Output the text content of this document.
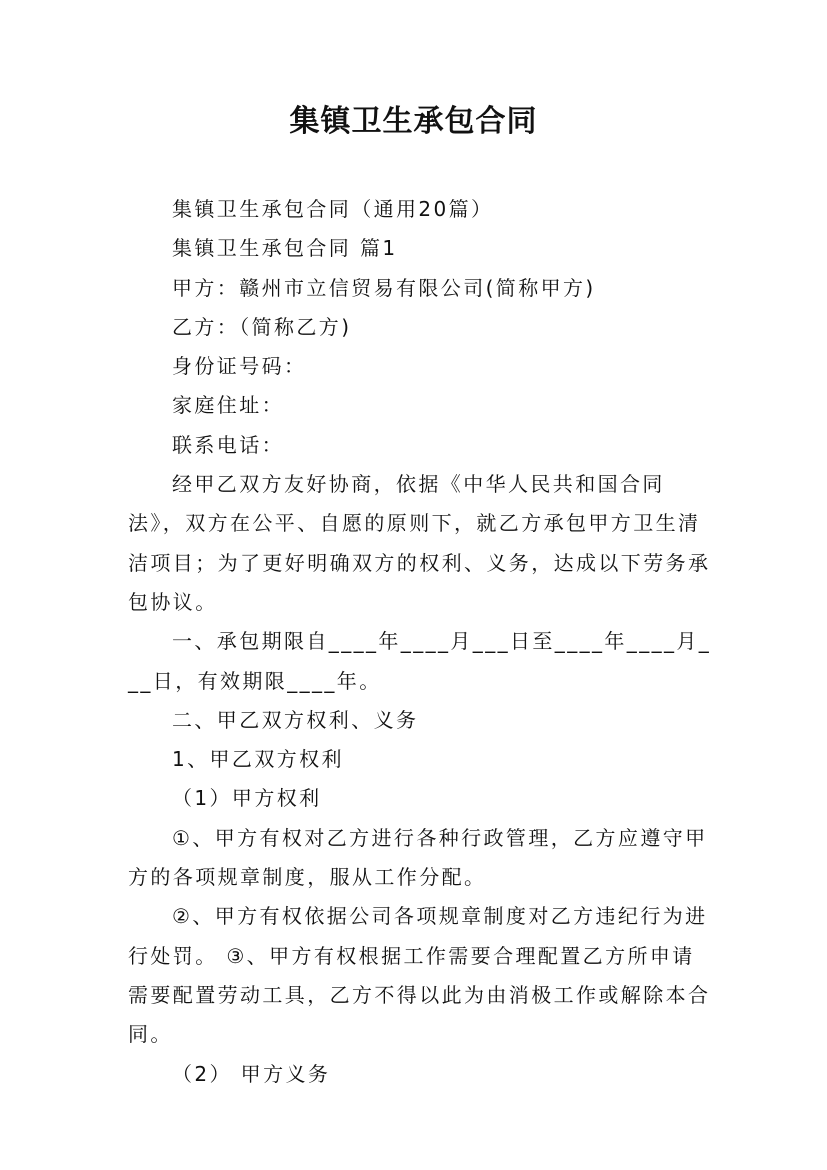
集镇卫生承包合同

集镇卫生承包合同（通用20篇）

集镇卫生承包合同 篇1

甲方：赣州市立信贸易有限公司(简称甲方)

乙方：（简称乙方)

身份证号码：

家庭住址：

联系电话：

经甲乙双方友好协商，依据《中华人民共和国合同法》，双方在公平、自愿的原则下，就乙方承包甲方卫生清洁项目；为了更好明确双方的权利、义务，达成以下劳务承包协议。

一、承包期限自____年____月___日至____年____月___日，有效期限____年。

二、甲乙双方权利、义务

1、甲乙双方权利

（1）甲方权利

①、甲方有权对乙方进行各种行政管理，乙方应遵守甲方的各项规章制度，服从工作分配。

②、甲方有权依据公司各项规章制度对乙方违纪行为进行处罚。 ③、甲方有权根据工作需要合理配置乙方所申请需要配置劳动工具，乙方不得以此为由消极工作或解除本合同。

（2） 甲方义务
